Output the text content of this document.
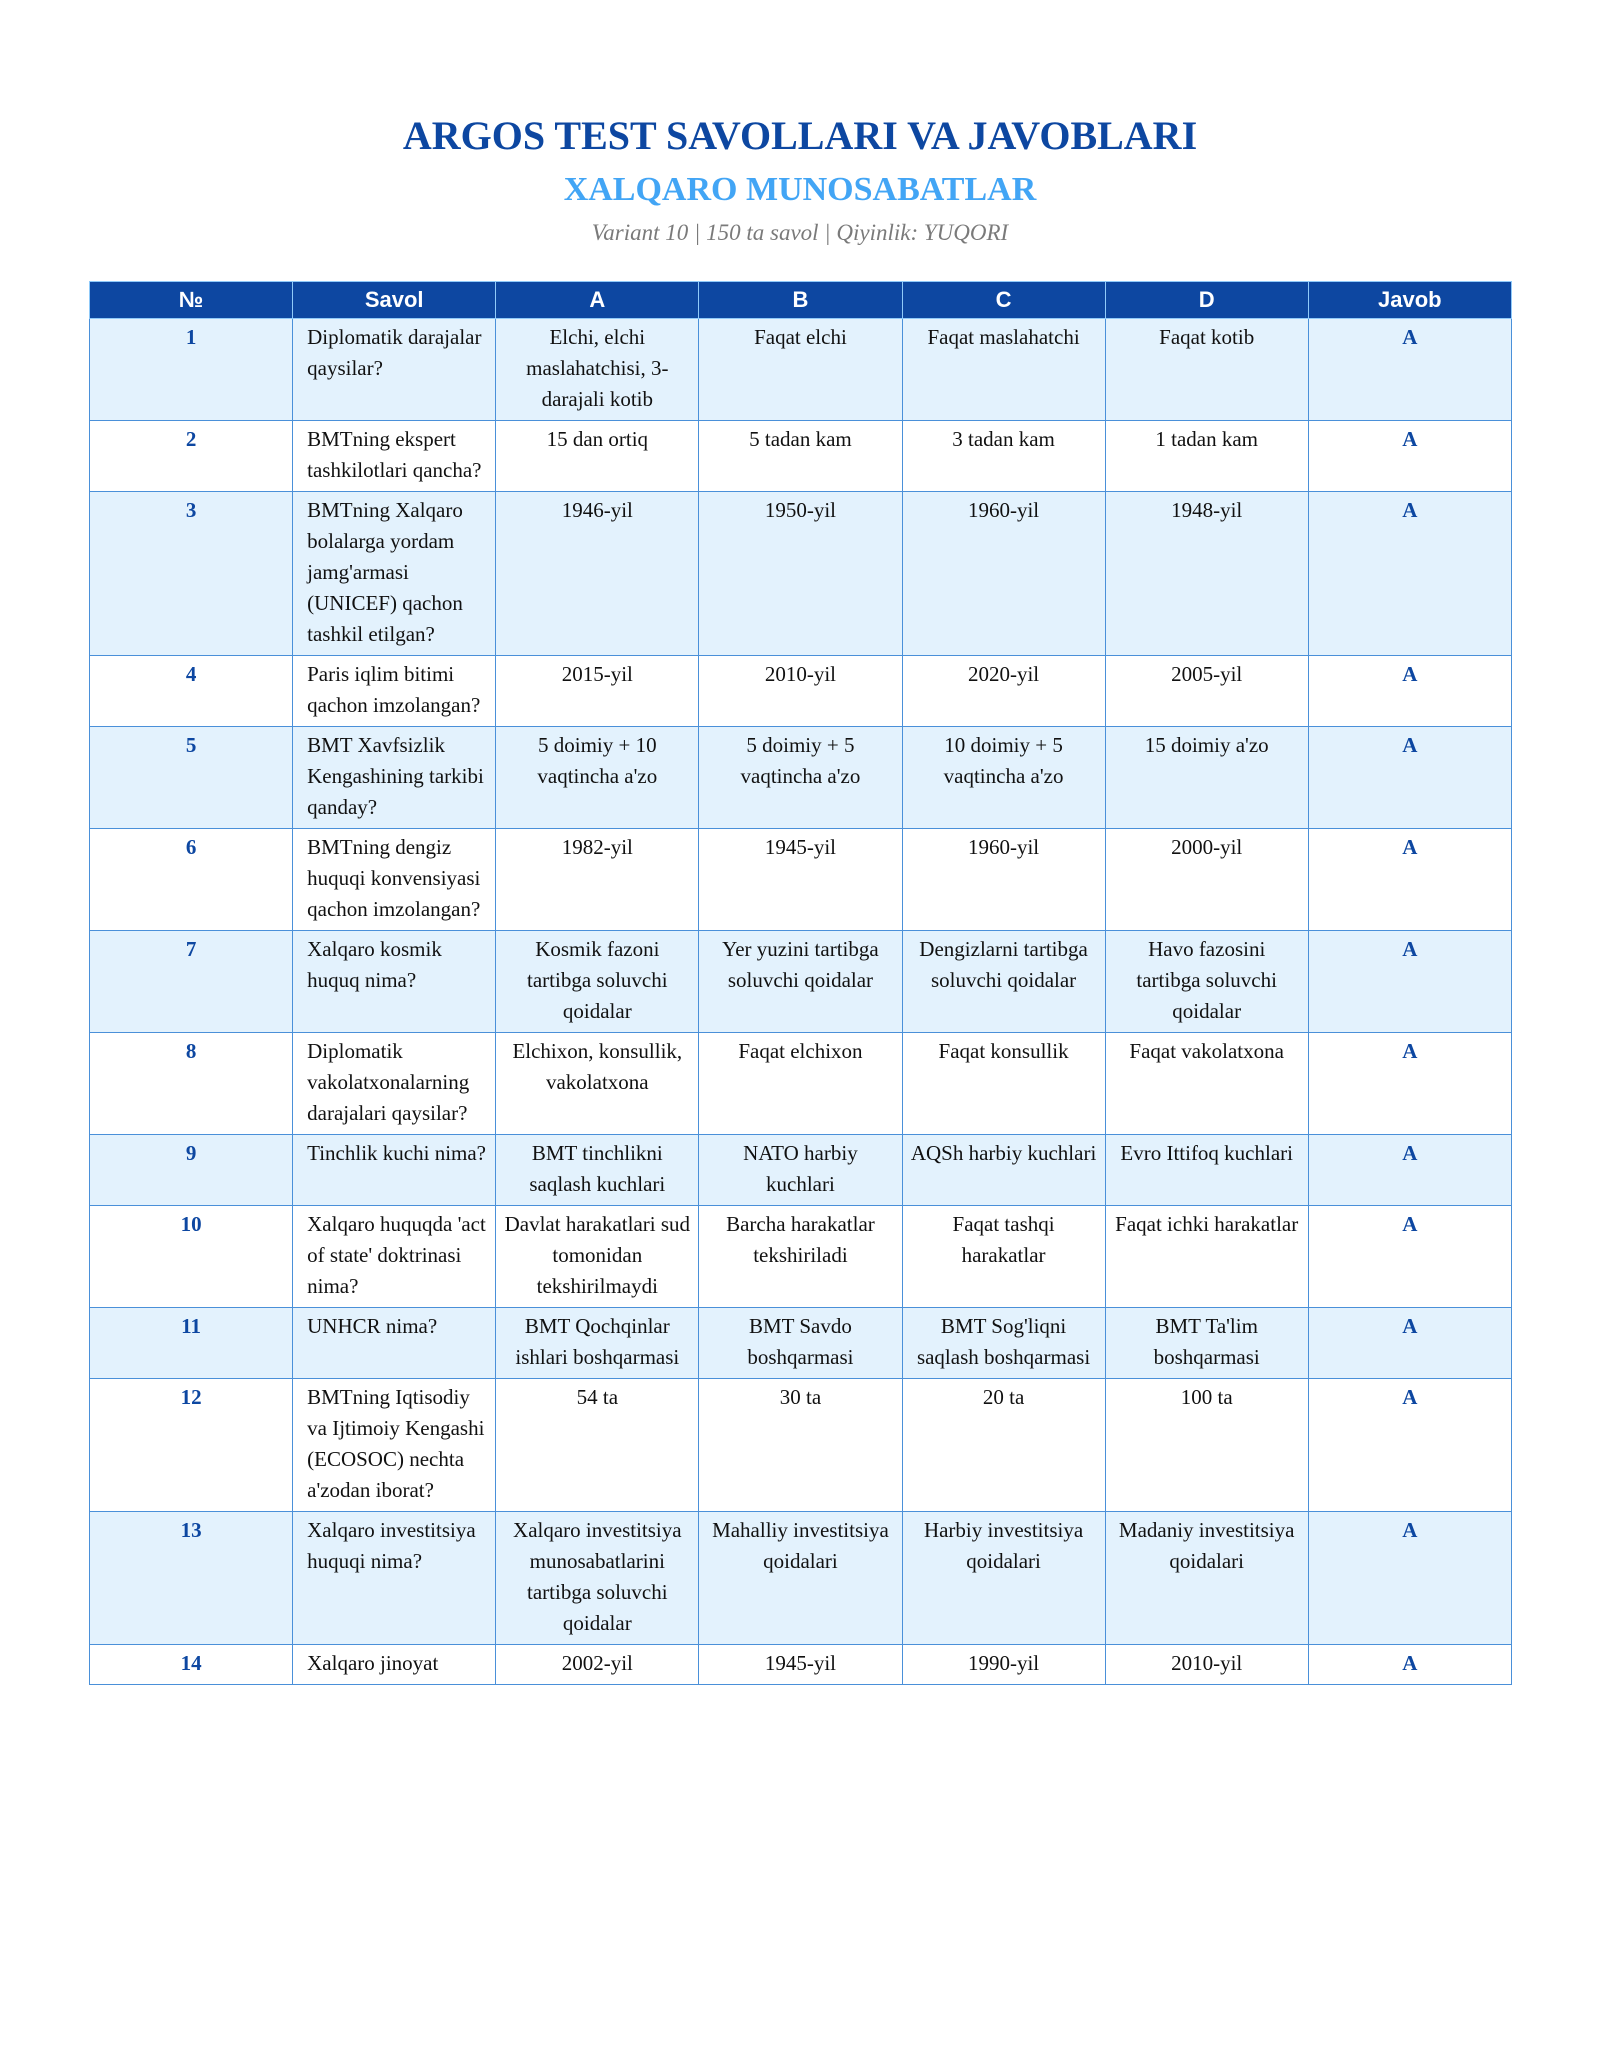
ARGOS TEST SAVOLLARI VA JAVOBLARI
XALQARO MUNOSABATLAR

Variant 10 | 150 ta savol | Qiyinlik: YUQORI

№	Savol	A	B	C	D	Javob
1	Diplomatik darajalar qaysilar?	Elchi, elchi maslahatchisi, 3-darajali kotib	Faqat elchi	Faqat maslahatchi	Faqat kotib	A
2	BMTning ekspert tashkilotlari qancha?	15 dan ortiq	5 tadan kam	3 tadan kam	1 tadan kam	A
3	BMTning Xalqaro bolalarga yordam jamg'armasi (UNICEF) qachon tashkil etilgan?	1946-yil	1950-yil	1960-yil	1948-yil	A
4	Paris iqlim bitimi qachon imzolangan?	2015-yil	2010-yil	2020-yil	2005-yil	A
5	BMT Xavfsizlik Kengashining tarkibi qanday?	5 doimiy + 10 vaqtincha a'zo	5 doimiy + 5 vaqtincha a'zo	10 doimiy + 5 vaqtincha a'zo	15 doimiy a'zo	A
6	BMTning dengiz huquqi konvensiyasi qachon imzolangan?	1982-yil	1945-yil	1960-yil	2000-yil	A
7	Xalqaro kosmik huquq nima?	Kosmik fazoni tartibga soluvchi qoidalar	Yer yuzini tartibga soluvchi qoidalar	Dengizlarni tartibga soluvchi qoidalar	Havo fazosini tartibga soluvchi qoidalar	A
8	Diplomatik vakolatxonalarning darajalari qaysilar?	Elchixon, konsullik, vakolatxona	Faqat elchixon	Faqat konsullik	Faqat vakolatxona	A
9	Tinchlik kuchi nima?	BMT tinchlikni saqlash kuchlari	NATO harbiy kuchlari	AQSh harbiy kuchlari	Evro Ittifoq kuchlari	A
10	Xalqaro huquqda 'act of state' doktrinasi nima?	Davlat harakatlari sud tomonidan tekshirilmaydi	Barcha harakatlar tekshiriladi	Faqat tashqi harakatlar	Faqat ichki harakatlar	A
11	UNHCR nima?	BMT Qochqinlar ishlari boshqarmasi	BMT Savdo boshqarmasi	BMT Sog'liqni saqlash boshqarmasi	BMT Ta'lim boshqarmasi	A
12	BMTning Iqtisodiy va Ijtimoiy Kengashi (ECOSOC) nechta a'zodan iborat?	54 ta	30 ta	20 ta	100 ta	A
13	Xalqaro investitsiya huquqi nima?	Xalqaro investitsiya munosabatlarini tartibga soluvchi qoidalar	Mahalliy investitsiya qoidalari	Harbiy investitsiya qoidalari	Madaniy investitsiya qoidalari	A
14	Xalqaro jinoyat	2002-yil	1945-yil	1990-yil	2010-yil	A
